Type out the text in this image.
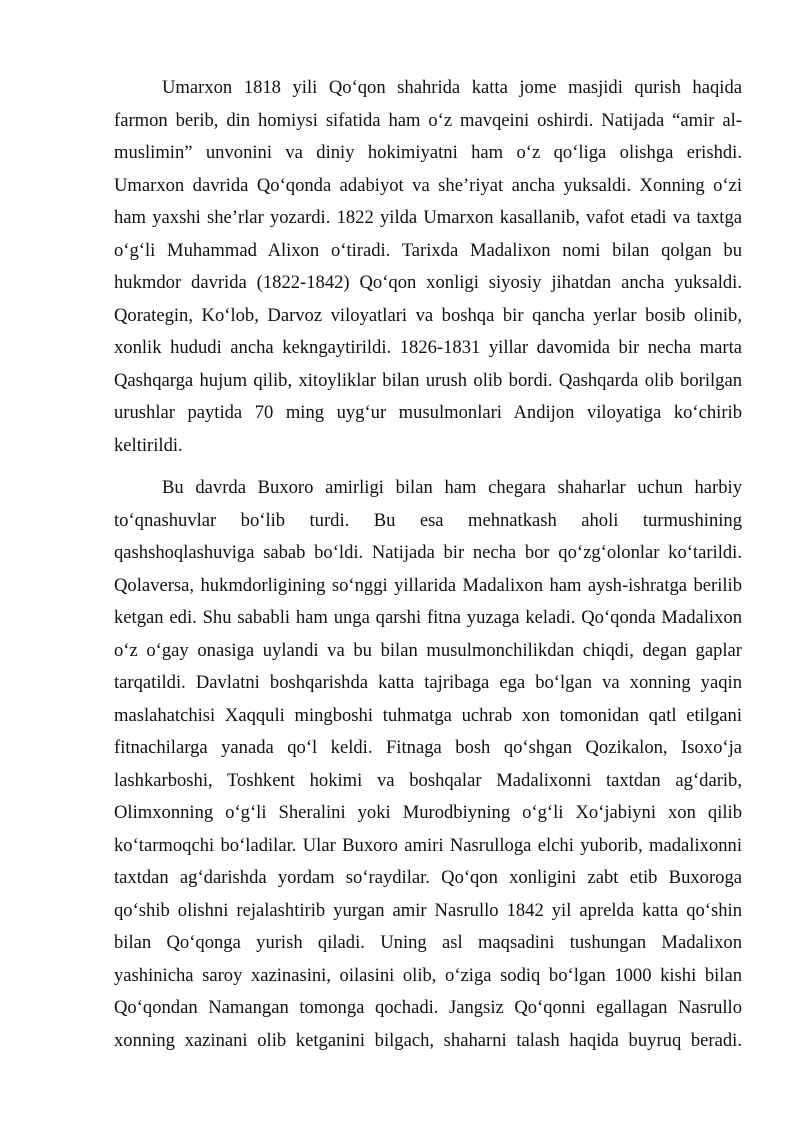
Umarxon 1818 yili Qo‘qon shahrida katta jome masjidi qurish haqida
farmon berib, din homiysi sifatida ham o‘z mavqeini oshirdi. Natijada “amir al-
muslimin” unvonini va diniy hokimiyatni ham o‘z qo‘liga olishga erishdi.
Umarxon davrida Qo‘qonda adabiyot va she’riyat ancha yuksaldi. Xonning o‘zi
ham yaxshi she’rlar yozardi. 1822 yilda Umarxon kasallanib, vafot etadi va taxtga
o‘g‘li Muhammad Alixon o‘tiradi. Tarixda Madalixon nomi bilan qolgan bu
hukmdor davrida (1822-1842) Qo‘qon xonligi siyosiy jihatdan ancha yuksaldi.
Qorategin, Ko‘lob, Darvoz viloyatlari va boshqa bir qancha yerlar bosib olinib,
xonlik hududi ancha kekngaytirildi. 1826-1831 yillar davomida bir necha marta
Qashqarga hujum qilib, xitoyliklar bilan urush olib bordi. Qashqarda olib borilgan
urushlar paytida 70 ming uyg‘ur musulmonlari Andijon viloyatiga ko‘chirib
keltirildi.

Bu davrda Buxoro amirligi bilan ham chegara shaharlar uchun harbiy
to‘qnashuvlar bo‘lib turdi. Bu esa mehnatkash aholi turmushining
qashshoqlashuviga sabab bo‘ldi. Natijada bir necha bor qo‘zg‘olonlar ko‘tarildi.
Qolaversa, hukmdorligining so‘nggi yillarida Madalixon ham aysh-ishratga berilib
ketgan edi. Shu sababli ham unga qarshi fitna yuzaga keladi. Qo‘qonda Madalixon
o‘z o‘gay onasiga uylandi va bu bilan musulmonchilikdan chiqdi, degan gaplar
tarqatildi. Davlatni boshqarishda katta tajribaga ega bo‘lgan va xonning yaqin
maslahatchisi Xaqquli mingboshi tuhmatga uchrab xon tomonidan qatl etilgani
fitnachilarga yanada qo‘l keldi. Fitnaga bosh qo‘shgan Qozikalon, Isoxo‘ja
lashkarboshi, Toshkent hokimi va boshqalar Madalixonni taxtdan ag‘darib,
Olimxonning o‘g‘li Sheralini yoki Murodbiyning o‘g‘li Xo‘jabiyni xon qilib
ko‘tarmoqchi bo‘ladilar. Ular Buxoro amiri Nasrulloga elchi yuborib, madalixonni
taxtdan ag‘darishda yordam so‘raydilar. Qo‘qon xonligini zabt etib Buxoroga
qo‘shib olishni rejalashtirib yurgan amir Nasrullo 1842 yil aprelda katta qo‘shin
bilan Qo‘qonga yurish qiladi. Uning asl maqsadini tushungan Madalixon
yashinicha saroy xazinasini, oilasini olib, o‘ziga sodiq bo‘lgan 1000 kishi bilan
Qo‘qondan Namangan tomonga qochadi. Jangsiz Qo‘qonni egallagan Nasrullo
xonning xazinani olib ketganini bilgach, shaharni talash haqida buyruq beradi.
